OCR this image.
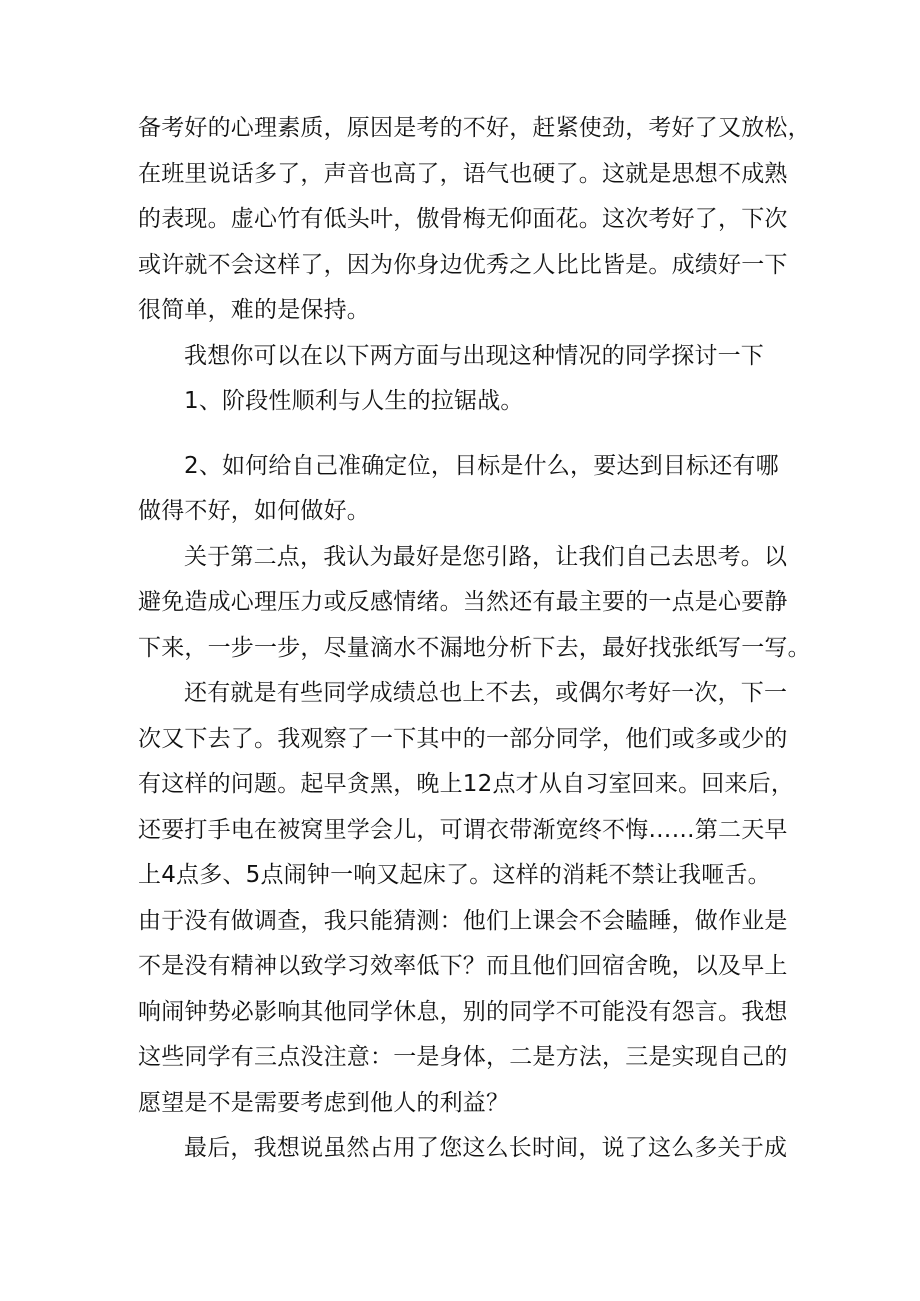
备考好的心理素质，原因是考的不好，赶紧使劲，考好了又放松，
在班里说话多了，声音也高了，语气也硬了。这就是思想不成熟
的表现。虚心竹有低头叶，傲骨梅无仰面花。这次考好了，下次
或许就不会这样了，因为你身边优秀之人比比皆是。成绩好一下
很简单，难的是保持。
我想你可以在以下两方面与出现这种情况的同学探讨一下
1、阶段性顺利与人生的拉锯战。
2、如何给自己准确定位，目标是什么，要达到目标还有哪
做得不好，如何做好。
关于第二点，我认为最好是您引路，让我们自己去思考。以
避免造成心理压力或反感情绪。当然还有最主要的一点是心要静
下来，一步一步，尽量滴水不漏地分析下去，最好找张纸写一写。
还有就是有些同学成绩总也上不去，或偶尔考好一次，下一
次又下去了。我观察了一下其中的一部分同学，他们或多或少的
有这样的问题。起早贪黑，晚上12点才从自习室回来。回来后，
还要打手电在被窝里学会儿，可谓衣带渐宽终不悔……第二天早
上4点多、5点闹钟一响又起床了。这样的消耗不禁让我咂舌。
由于没有做调查，我只能猜测：他们上课会不会瞌睡，做作业是
不是没有精神以致学习效率低下？而且他们回宿舍晚，以及早上
响闹钟势必影响其他同学休息，别的同学不可能没有怨言。我想
这些同学有三点没注意：一是身体，二是方法，三是实现自己的
愿望是不是需要考虑到他人的利益？
最后，我想说虽然占用了您这么长时间，说了这么多关于成
